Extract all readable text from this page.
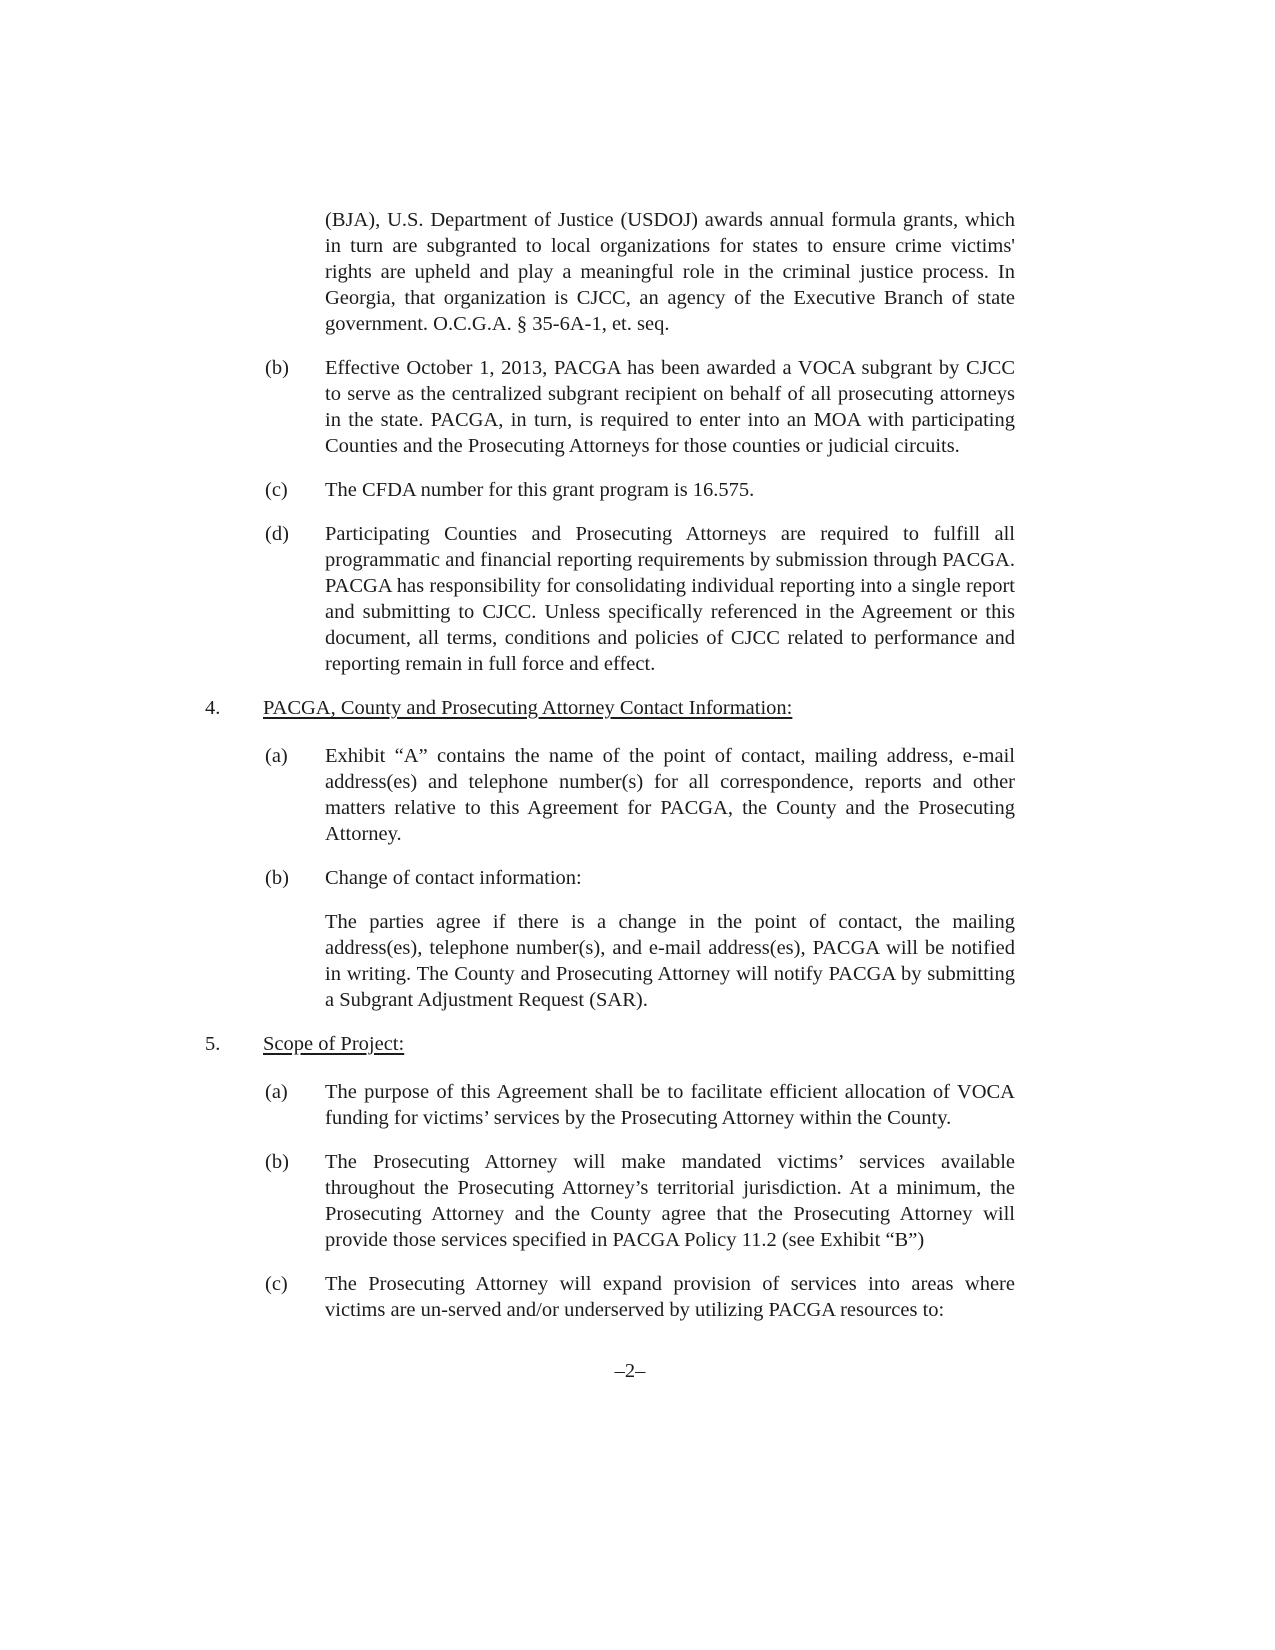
(BJA), U.S. Department of Justice (USDOJ) awards annual formula grants, which in turn are subgranted to local organizations for states to ensure crime victims' rights are upheld and play a meaningful role in the criminal justice process. In Georgia, that organization is CJCC, an agency of the Executive Branch of state government. O.C.G.A. § 35-6A-1, et. seq.

(b)	Effective October 1, 2013, PACGA has been awarded a VOCA subgrant by CJCC to serve as the centralized subgrant recipient on behalf of all prosecuting attorneys in the state. PACGA, in turn, is required to enter into an MOA with participating Counties and the Prosecuting Attorneys for those counties or judicial circuits.

(c)	The CFDA number for this grant program is 16.575.

(d)	Participating Counties and Prosecuting Attorneys are required to fulfill all programmatic and financial reporting requirements by submission through PACGA. PACGA has responsibility for consolidating individual reporting into a single report and submitting to CJCC. Unless specifically referenced in the Agreement or this document, all terms, conditions and policies of CJCC related to performance and reporting remain in full force and effect.

4.	PACGA, County and Prosecuting Attorney Contact Information:
(a)	Exhibit “A” contains the name of the point of contact, mailing address, e-mail address(es) and telephone number(s) for all correspondence, reports and other matters relative to this Agreement for PACGA, the County and the Prosecuting Attorney.

(b)	Change of contact information:

The parties agree if there is a change in the point of contact, the mailing address(es), telephone number(s), and e-mail address(es), PACGA will be notified in writing. The County and Prosecuting Attorney will notify PACGA by submitting a Subgrant Adjustment Request (SAR).

5.	Scope of Project:
(a)	The purpose of this Agreement shall be to facilitate efficient allocation of VOCA funding for victims’ services by the Prosecuting Attorney within the County.

(b)	The Prosecuting Attorney will make mandated victims’ services available throughout the Prosecuting Attorney’s territorial jurisdiction. At a minimum, the Prosecuting Attorney and the County agree that the Prosecuting Attorney will provide those services specified in PACGA Policy 11.2 (see Exhibit “B”)

(c)	The Prosecuting Attorney will expand provision of services into areas where victims are un-served and/or underserved by utilizing PACGA resources to:

–2–
